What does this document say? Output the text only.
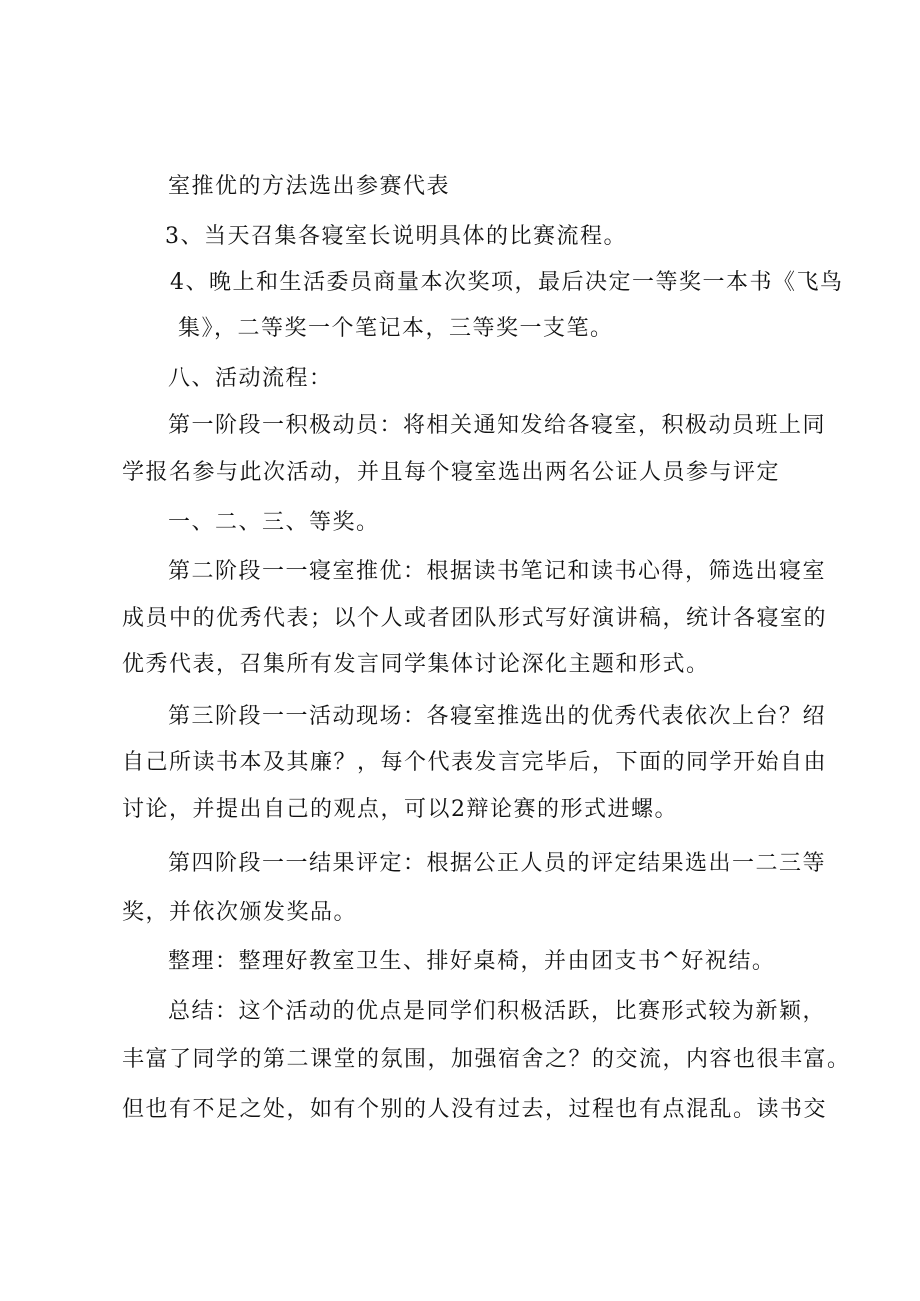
室推优的方法选出参赛代表
3、当天召集各寝室长说明具体的比赛流程。
4、晚上和生活委员商量本次奖项，最后决定一等奖一本书《飞鸟
集》，二等奖一个笔记本，三等奖一支笔。
八、活动流程：
第一阶段一积极动员：将相关通知发给各寝室，积极动员班上同
学报名参与此次活动，并且每个寝室选出两名公证人员参与评定
一、二、三、等奖。
第二阶段一一寝室推优：根据读书笔记和读书心得，筛选出寝室
成员中的优秀代表；以个人或者团队形式写好演讲稿，统计各寝室的
优秀代表，召集所有发言同学集体讨论深化主题和形式。
第三阶段一一活动现场：各寝室推选出的优秀代表依次上台？绍
自己所读书本及其廉？，每个代表发言完毕后，下面的同学开始自由
讨论，并提出自己的观点，可以2辩论赛的形式进螺。
第四阶段一一结果评定：根据公正人员的评定结果选出一二三等
奖，并依次颁发奖品。
整理：整理好教室卫生、排好桌椅，并由团支书^好祝结。
总结：这个活动的优点是同学们积极活跃，比赛形式较为新颖，
丰富了同学的第二课堂的氛围，加强宿舍之？的交流，内容也很丰富。
但也有不足之处，如有个别的人没有过去，过程也有点混乱。读书交
